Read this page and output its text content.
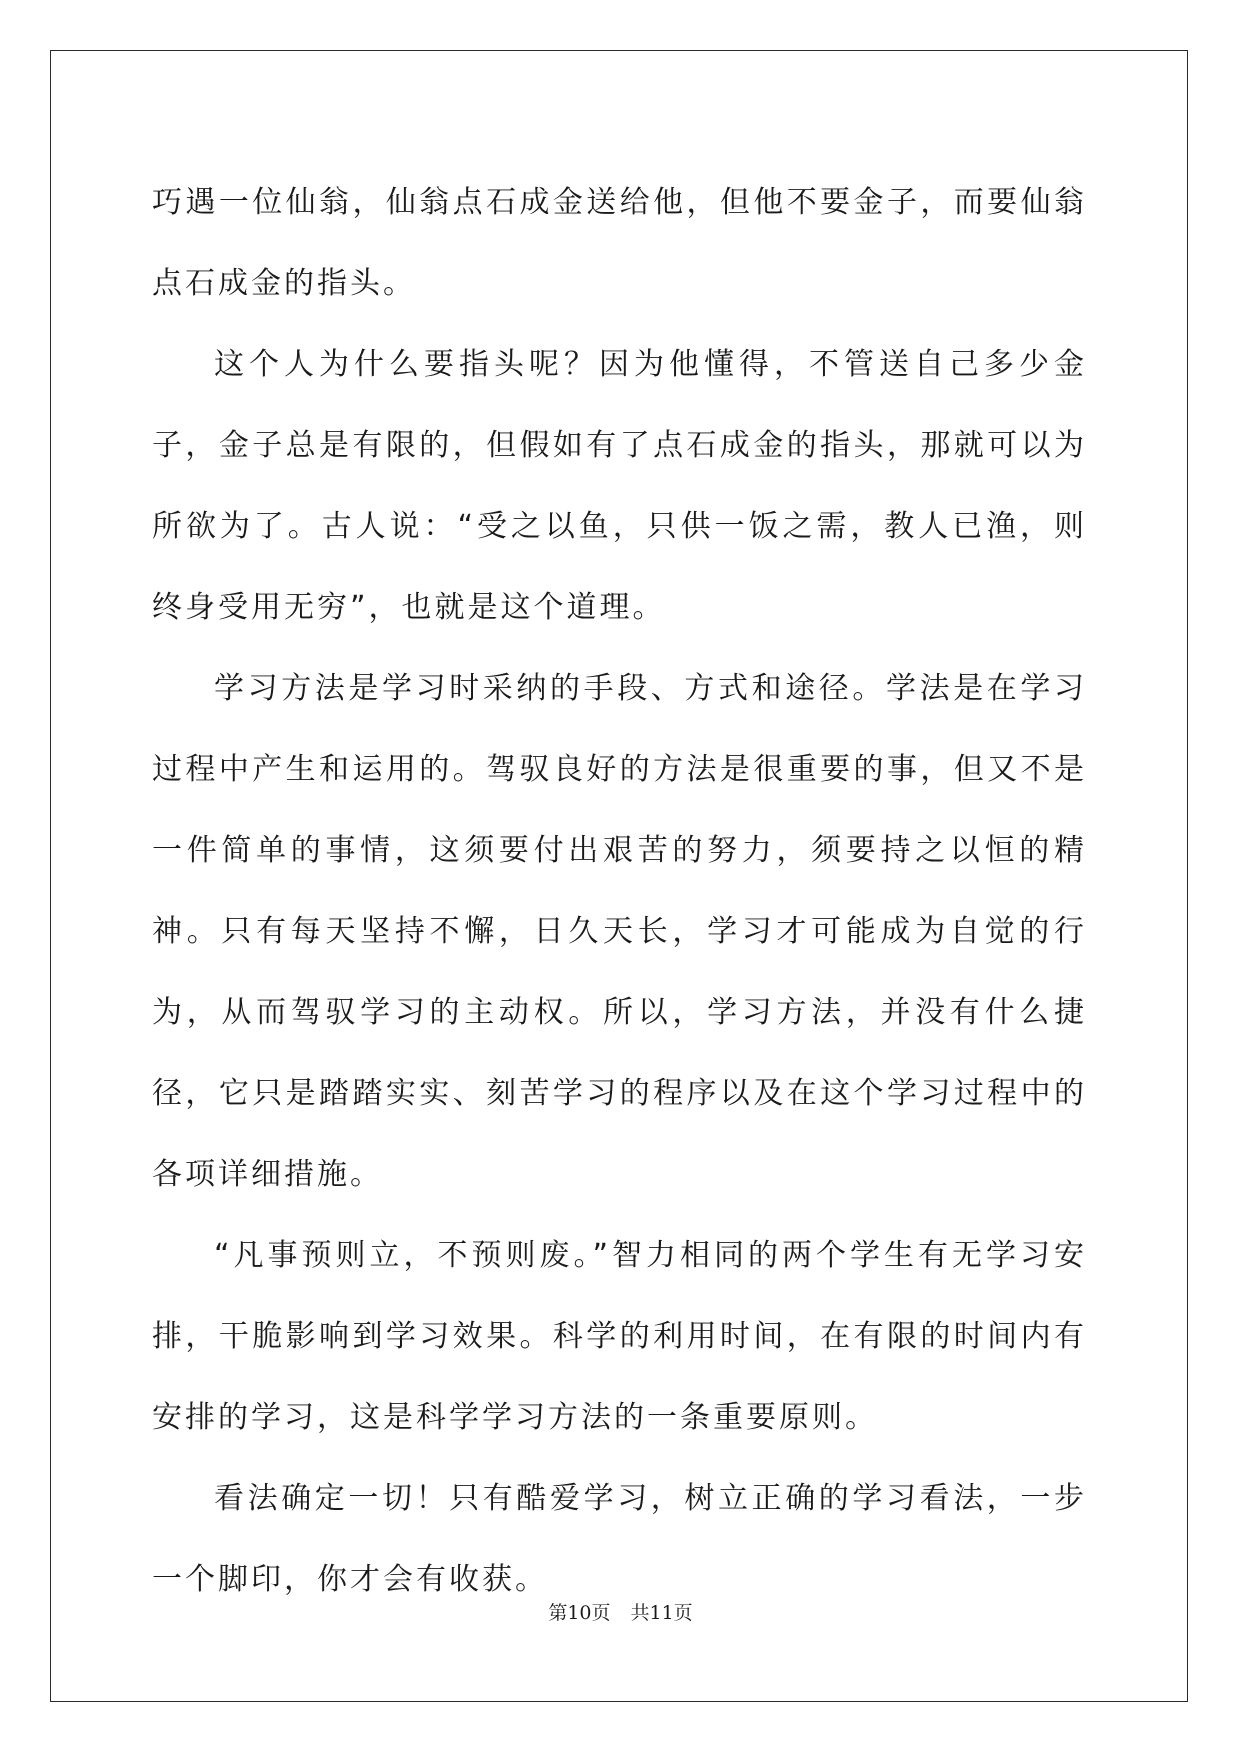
巧遇一位仙翁，仙翁点石成金送给他，但他不要金子，而要仙翁点石成金的指头。

这个人为什么要指头呢？因为他懂得，不管送自己多少金子，金子总是有限的，但假如有了点石成金的指头，那就可以为所欲为了。古人说：“受之以鱼，只供一饭之需，教人已渔，则终身受用无穷”，也就是这个道理。

学习方法是学习时采纳的手段、方式和途径。学法是在学习过程中产生和运用的。驾驭良好的方法是很重要的事，但又不是一件简单的事情，这须要付出艰苦的努力，须要持之以恒的精神。只有每天坚持不懈，日久天长，学习才可能成为自觉的行为，从而驾驭学习的主动权。所以，学习方法，并没有什么捷径，它只是踏踏实实、刻苦学习的程序以及在这个学习过程中的各项详细措施。

“凡事预则立，不预则废。”智力相同的两个学生有无学习安排，干脆影响到学习效果。科学的利用时间，在有限的时间内有安排的学习，这是科学学习方法的一条重要原则。

看法确定一切！只有酷爱学习，树立正确的学习看法，一步一个脚印，你才会有收获。

第10页 共11页
